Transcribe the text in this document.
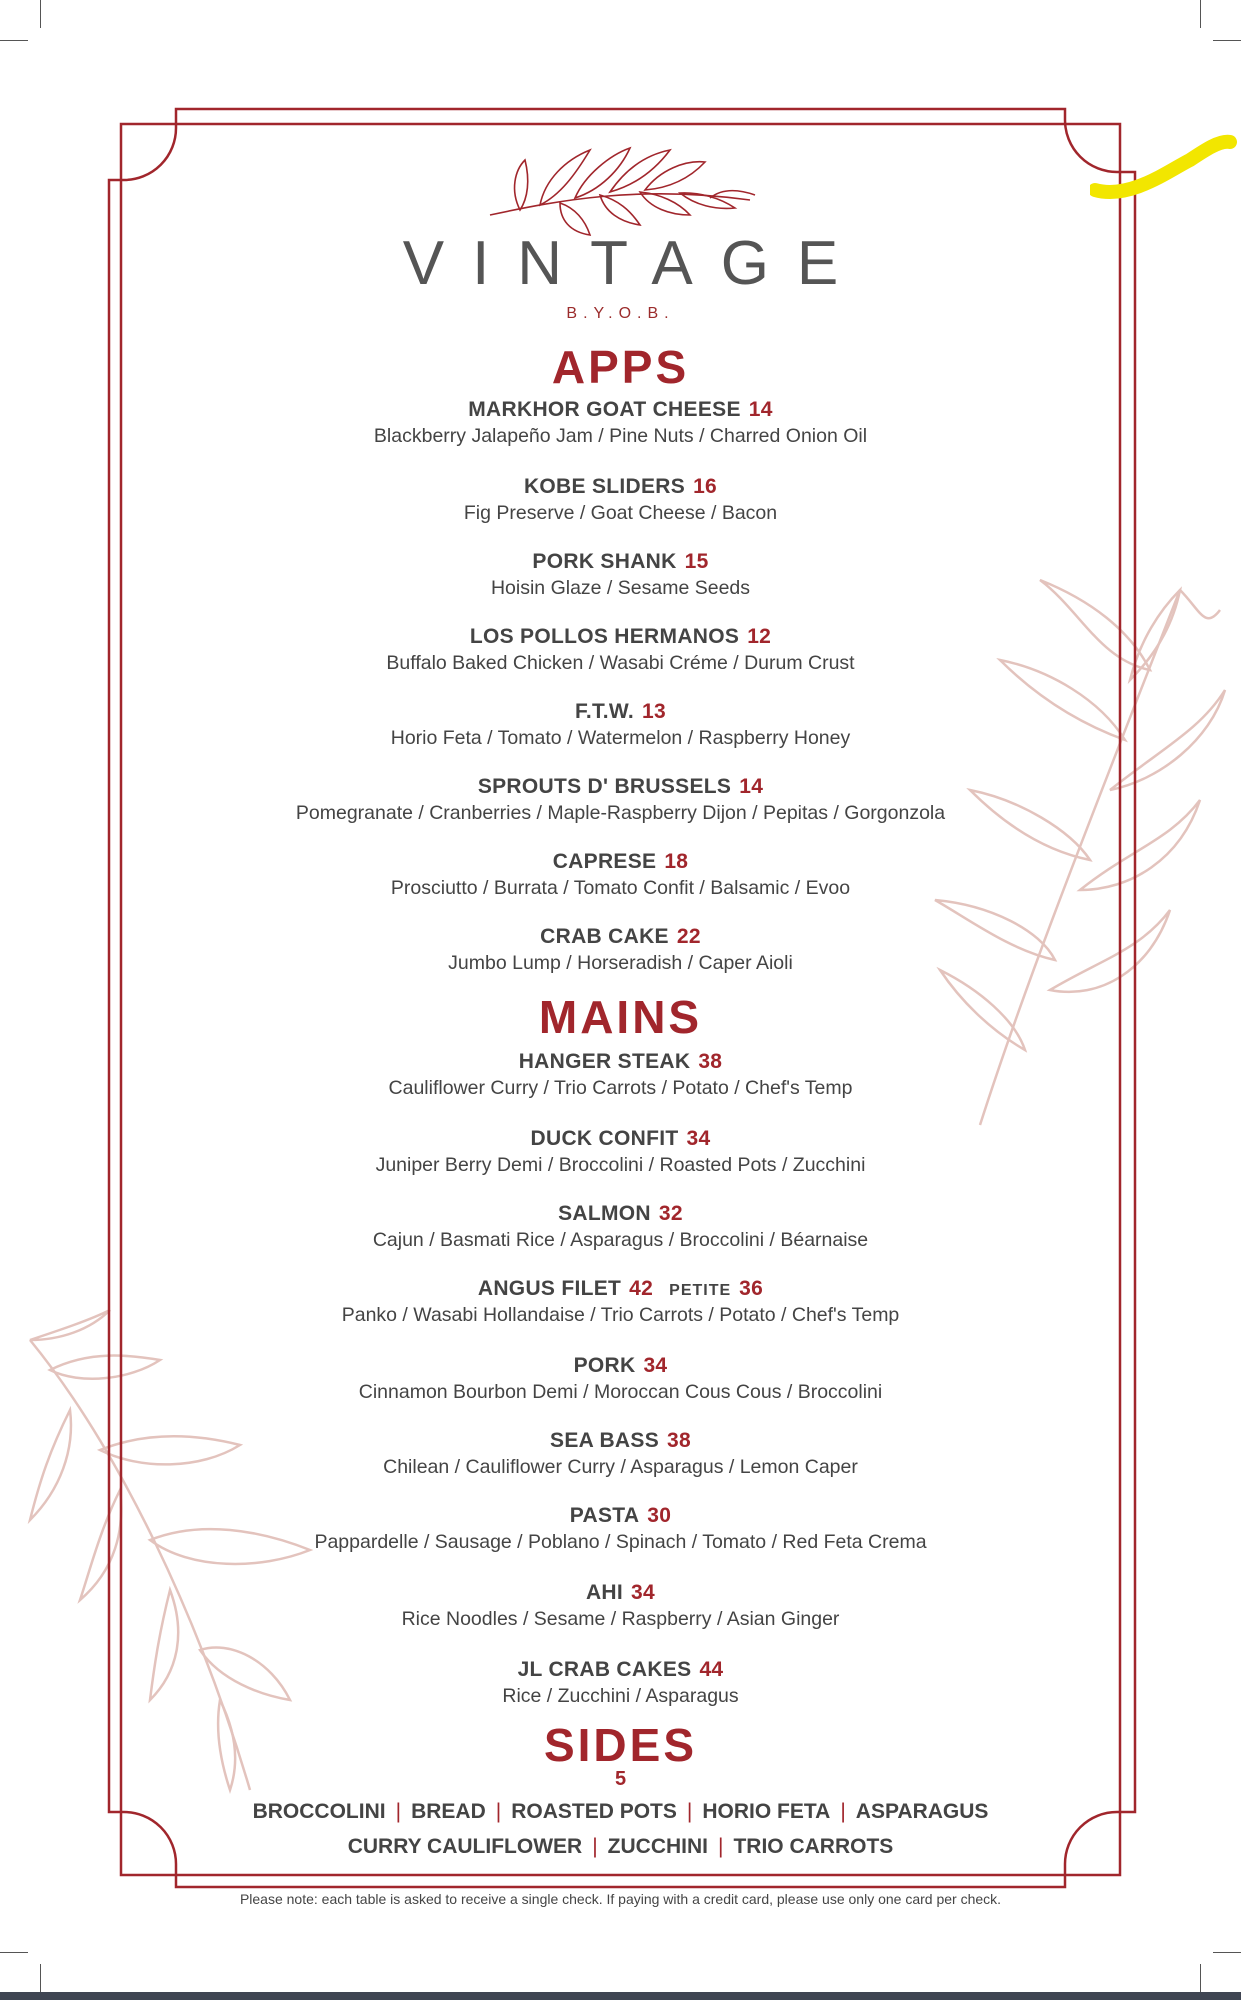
VINTAGE
B.Y.O.B.
APPS
MARKHOR GOAT CHEESE 14
Blackberry Jalapeño Jam / Pine Nuts / Charred Onion Oil
KOBE SLIDERS 16
Fig Preserve / Goat Cheese / Bacon
PORK SHANK 15
Hoisin Glaze / Sesame Seeds
LOS POLLOS HERMANOS 12
Buffalo Baked Chicken / Wasabi Créme / Durum Crust
F.T.W. 13
Horio Feta / Tomato / Watermelon / Raspberry Honey
SPROUTS D' BRUSSELS 14
Pomegranate / Cranberries / Maple-Raspberry Dijon / Pepitas / Gorgonzola
CAPRESE 18
Prosciutto / Burrata / Tomato Confit / Balsamic / Evoo
CRAB CAKE 22
Jumbo Lump / Horseradish / Caper Aioli
MAINS
HANGER STEAK 38
Cauliflower Curry / Trio Carrots / Potato / Chef's Temp
DUCK CONFIT 34
Juniper Berry Demi / Broccolini / Roasted Pots / Zucchini
SALMON 32
Cajun / Basmati Rice / Asparagus / Broccolini / Béarnaise
ANGUS FILET 42 PETITE 36
Panko / Wasabi Hollandaise / Trio Carrots / Potato / Chef's Temp
PORK 34
Cinnamon Bourbon Demi / Moroccan Cous Cous / Broccolini
SEA BASS 38
Chilean / Cauliflower Curry / Asparagus / Lemon Caper
PASTA 30
Pappardelle / Sausage / Poblano / Spinach / Tomato / Red Feta Crema
AHI 34
Rice Noodles / Sesame / Raspberry / Asian Ginger
JL CRAB CAKES 44
Rice / Zucchini / Asparagus
SIDES
5
BROCCOLINI | BREAD | ROASTED POTS | HORIO FETA | ASPARAGUS
CURRY CAULIFLOWER | ZUCCHINI | TRIO CARROTS
Please note: each table is asked to receive a single check. If paying with a credit card, please use only one card per check.
